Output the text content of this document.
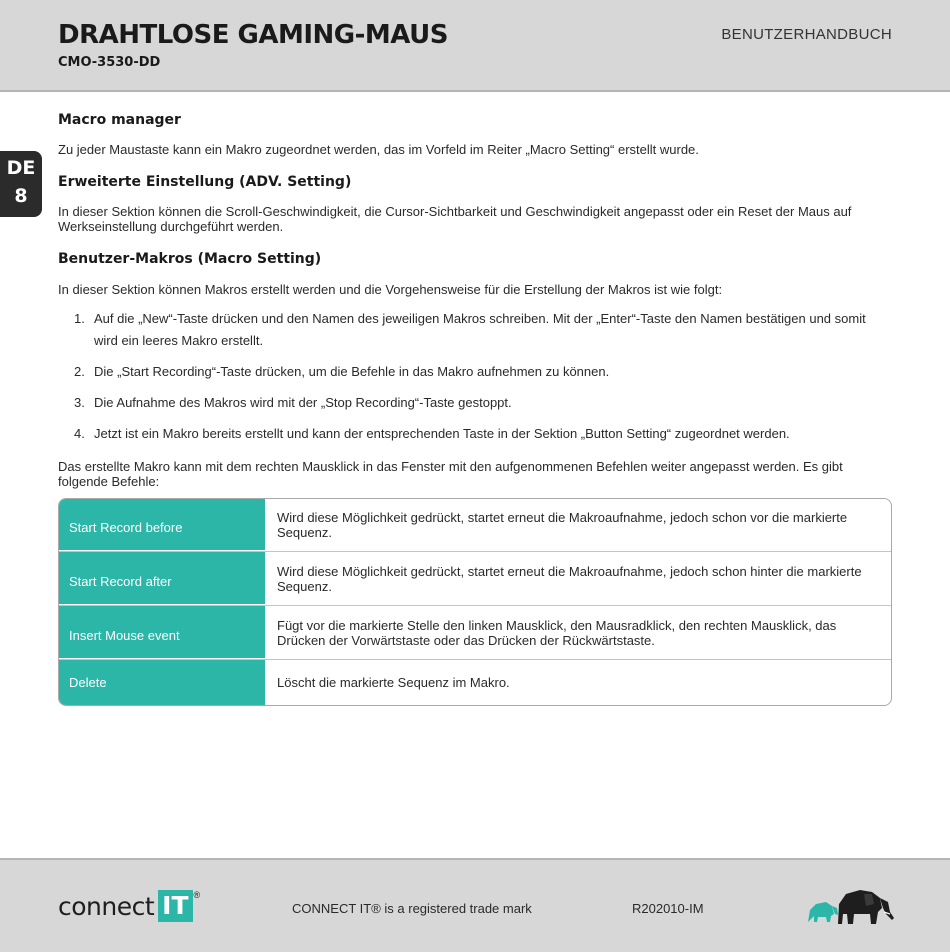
DRAHTLOSE GAMING-MAUS
CMO-3530-DD
BENUTZERHANDBUCH
DE
8
Macro manager

Zu jeder Maustaste kann ein Makro zugeordnet werden, das im Vorfeld im Reiter „Macro Setting“ erstellt wurde.

Erweiterte Einstellung (ADV. Setting)

In dieser Sektion können die Scroll-Geschwindigkeit, die Cursor-Sichtbarkeit und Geschwindigkeit angepasst oder ein Reset der Maus auf Werkseinstellung durchgeführt werden.

Benutzer-Makros (Macro Setting)

In dieser Sektion können Makros erstellt werden und die Vorgehensweise für die Erstellung der Makros ist wie folgt:

1. Auf die „New“-Taste drücken und den Namen des jeweiligen Makros schreiben. Mit der „Enter“-Taste den Namen bestätigen und somit wird ein leeres Makro erstellt.
2. Die „Start Recording“-Taste drücken, um die Befehle in das Makro aufnehmen zu können.
3. Die Aufnahme des Makros wird mit der „Stop Recording“-Taste gestoppt.
4. Jetzt ist ein Makro bereits erstellt und kann der entsprechenden Taste in der Sektion „Button Setting“ zugeordnet werden.

Das erstellte Makro kann mit dem rechten Mausklick in das Fenster mit den aufgenommenen Befehlen weiter angepasst werden. Es gibt folgende Befehle:

Start Record before
Wird diese Möglichkeit gedrückt, startet erneut die Makroaufnahme, jedoch schon vor die markierte Sequenz.
Start Record after
Wird diese Möglichkeit gedrückt, startet erneut die Makroaufnahme, jedoch schon hinter die markierte Sequenz.
Insert Mouse event
Fügt vor die markierte Stelle den linken Mausklick, den Mausradklick, den rechten Mausklick, das Drücken der Vorwärtstaste oder das Drücken der Rückwärtstaste.
Delete	Löscht die markierte Sequenz im Makro.
connect IT ®
CONNECT IT® is a registered trade mark	R202010-IM
